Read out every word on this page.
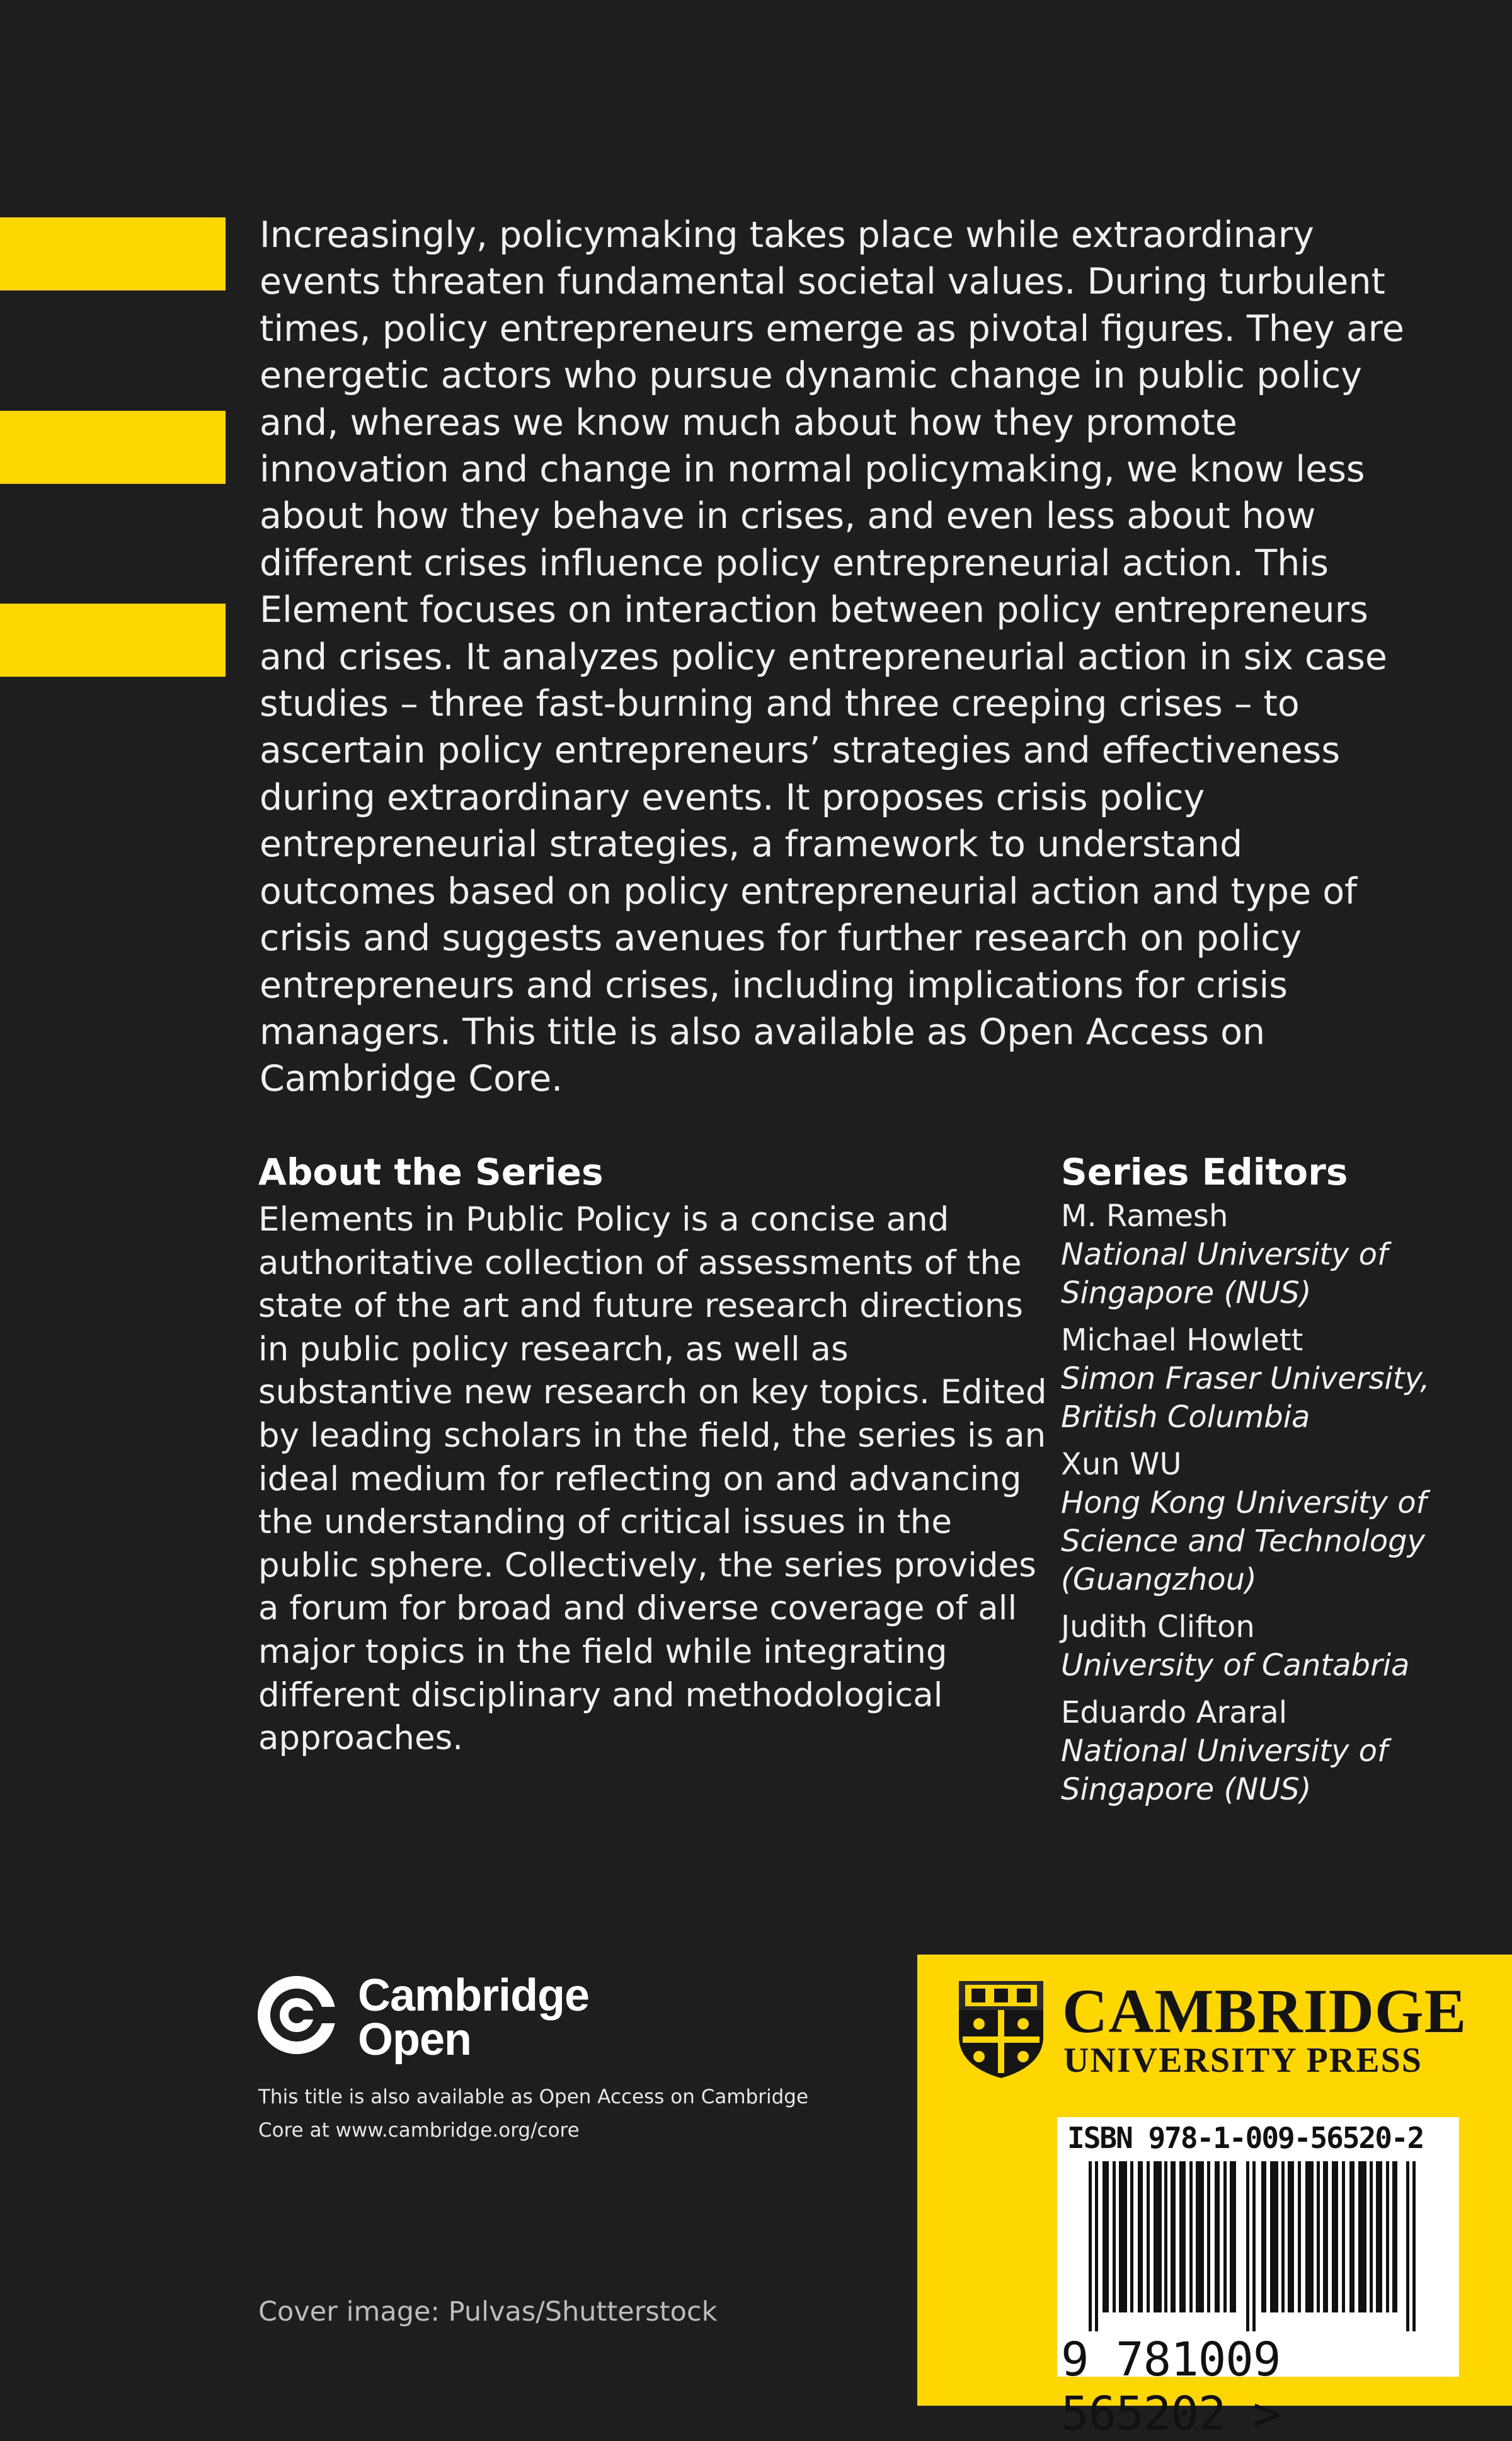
Increasingly, policymaking takes place while extraordinary events threaten fundamental societal values. During turbulent times, policy entrepreneurs emerge as pivotal figures. They are energetic actors who pursue dynamic change in public policy and, whereas we know much about how they promote innovation and change in normal policymaking, we know less about how they behave in crises, and even less about how different crises influence policy entrepreneurial action. This Element focuses on interaction between policy entrepreneurs and crises. It analyzes policy entrepreneurial action in six case studies – three fast-burning and three creeping crises – to ascertain policy entrepreneurs’ strategies and effectiveness during extraordinary events. It proposes crisis policy entrepreneurial strategies, a framework to understand outcomes based on policy entrepreneurial action and type of crisis and suggests avenues for further research on policy entrepreneurs and crises, including implications for crisis managers. This title is also available as Open Access on Cambridge Core.

About the Series

Elements in Public Policy is a concise and authoritative collection of assessments of the state of the art and future research directions in public policy research, as well as substantive new research on key topics. Edited by leading scholars in the field, the series is an ideal medium for reflecting on and advancing the understanding of critical issues in the public sphere. Collectively, the series provides a forum for broad and diverse coverage of all major topics in the field while integrating different disciplinary and methodological approaches.

Series Editors
M. Ramesh
National University of Singapore (NUS)
Michael Howlett
Simon Fraser University, British Columbia
Xun WU
Hong Kong University of Science and Technology (Guangzhou)
Judith Clifton
University of Cantabria
Eduardo Araral
National University of Singapore (NUS)
Cambridge
Open

This title is also available as Open Access on Cambridge Core at www.cambridge.org/core

Cover image: Pulvas/Shutterstock

CAMBRIDGE
UNIVERSITY PRESS
ISBN 978-1-009-56520-2
9 781009 565202 >
